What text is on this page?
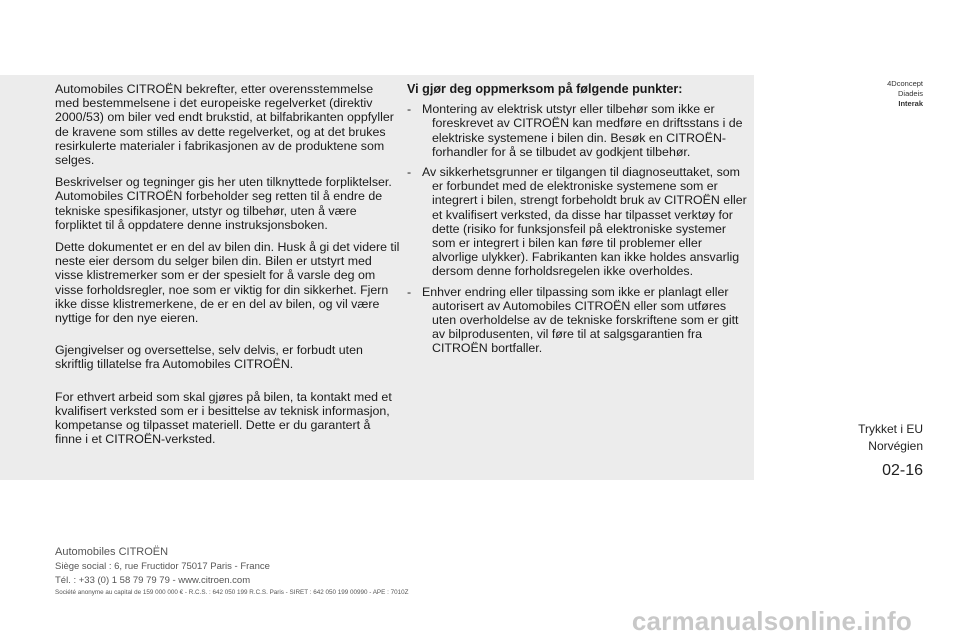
Automobiles CITROËN bekrefter, etter overensstemmelse med bestemmelsene i det europeiske regelverket (direktiv 2000/53) om biler ved endt brukstid, at bilfabrikanten oppfyller de kravene som stilles av dette regelverket, og at det brukes resirkulerte materialer i fabrikasjonen av de produktene som selges.

Beskrivelser og tegninger gis her uten tilknyttede forpliktelser. Automobiles CITROËN forbeholder seg retten til å endre de tekniske spesifikasjoner, utstyr og tilbehør, uten å være forpliktet til å oppdatere denne instruksjonsboken.

Dette dokumentet er en del av bilen din. Husk å gi det videre til neste eier dersom du selger bilen din. Bilen er utstyrt med visse klistremerker som er der spesielt for å varsle deg om visse forholdsregler, noe som er viktig for din sikkerhet. Fjern ikke disse klistremerkene, de er en del av bilen, og vil være nyttige for den nye eieren.

Gjengivelser og oversettelse, selv delvis, er forbudt uten skriftlig tillatelse fra Automobiles CITROËN.

For ethvert arbeid som skal gjøres på bilen, ta kontakt med et kvalifisert verksted som er i besittelse av teknisk informasjon, kompetanse og tilpasset materiell. Dette er du garantert å finne i et CITROËN-verksted.

Vi gjør deg oppmerksom på følgende punkter:
- Montering av elektrisk utstyr eller tilbehør som ikke er foreskrevet av CITROËN kan medføre en driftsstans i de elektriske systemene i bilen din. Besøk en CITROËN-forhandler for å se tilbudet av godkjent tilbehør.
- Av sikkerhetsgrunner er tilgangen til diagnoseuttaket, som er forbundet med de elektroniske systemene som er integrert i bilen, strengt forbeholdt bruk av CITROËN eller et kvalifisert verksted, da disse har tilpasset verktøy for dette (risiko for funksjonsfeil på elektroniske systemer som er integrert i bilen kan føre til problemer eller alvorlige ulykker). Fabrikanten kan ikke holdes ansvarlig dersom denne forholdsregelen ikke overholdes.
- Enhver endring eller tilpassing som ikke er planlagt eller autorisert av Automobiles CITROËN eller som utføres uten overholdelse av de tekniske forskriftene som er gitt av bilprodusenten, vil føre til at salgsgarantien fra CITROËN bortfaller.
4Dconcept
Diadeis
Interak
Trykket i EU
Norvégien
02-16
Automobiles CITROËN
Siège social : 6, rue Fructidor 75017 Paris - France
Tél. : +33 (0) 1 58 79 79 79 - www.citroen.com
Société anonyme au capital de 159 000 000 € - R.C.S. : 642 050 199 R.C.S. Paris - SIRET : 642 050 199 00990 - APE : 7010Z
carmanualsonline.info
